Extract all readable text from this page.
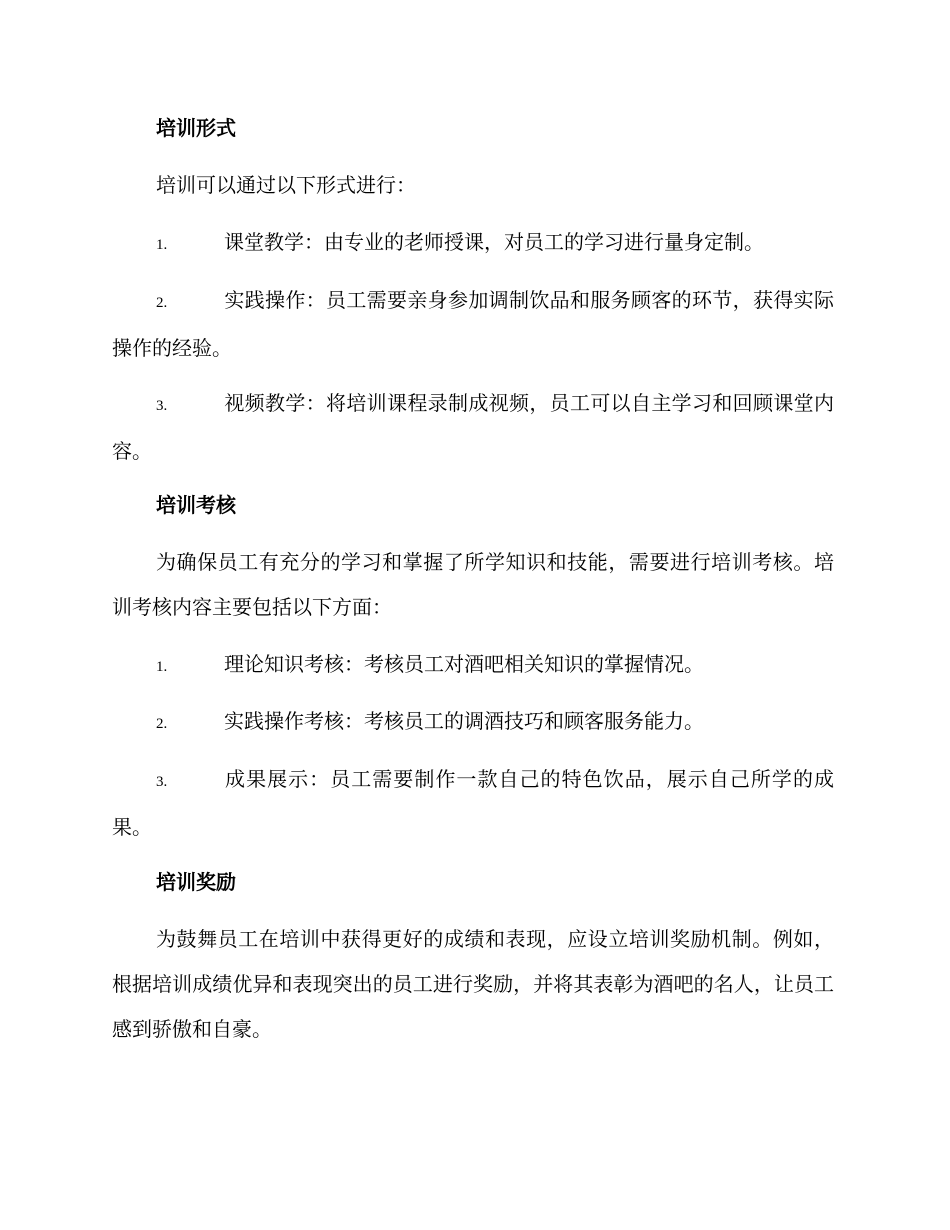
培训形式

培训可以通过以下形式进行：

1.	课堂教学：由专业的老师授课，对员工的学习进行量身定制。

2.	实践操作：员工需要亲身参加调制饮品和服务顾客的环节，获得实际操作的经验。

3.	视频教学：将培训课程录制成视频，员工可以自主学习和回顾课堂内容。

培训考核

为确保员工有充分的学习和掌握了所学知识和技能，需要进行培训考核。培训考核内容主要包括以下方面：

1.	理论知识考核：考核员工对酒吧相关知识的掌握情况。

2.	实践操作考核：考核员工的调酒技巧和顾客服务能力。

3.	成果展示：员工需要制作一款自己的特色饮品，展示自己所学的成果。

培训奖励

为鼓舞员工在培训中获得更好的成绩和表现，应设立培训奖励机制。例如，根据培训成绩优异和表现突出的员工进行奖励，并将其表彰为酒吧的名人，让员工感到骄傲和自豪。
